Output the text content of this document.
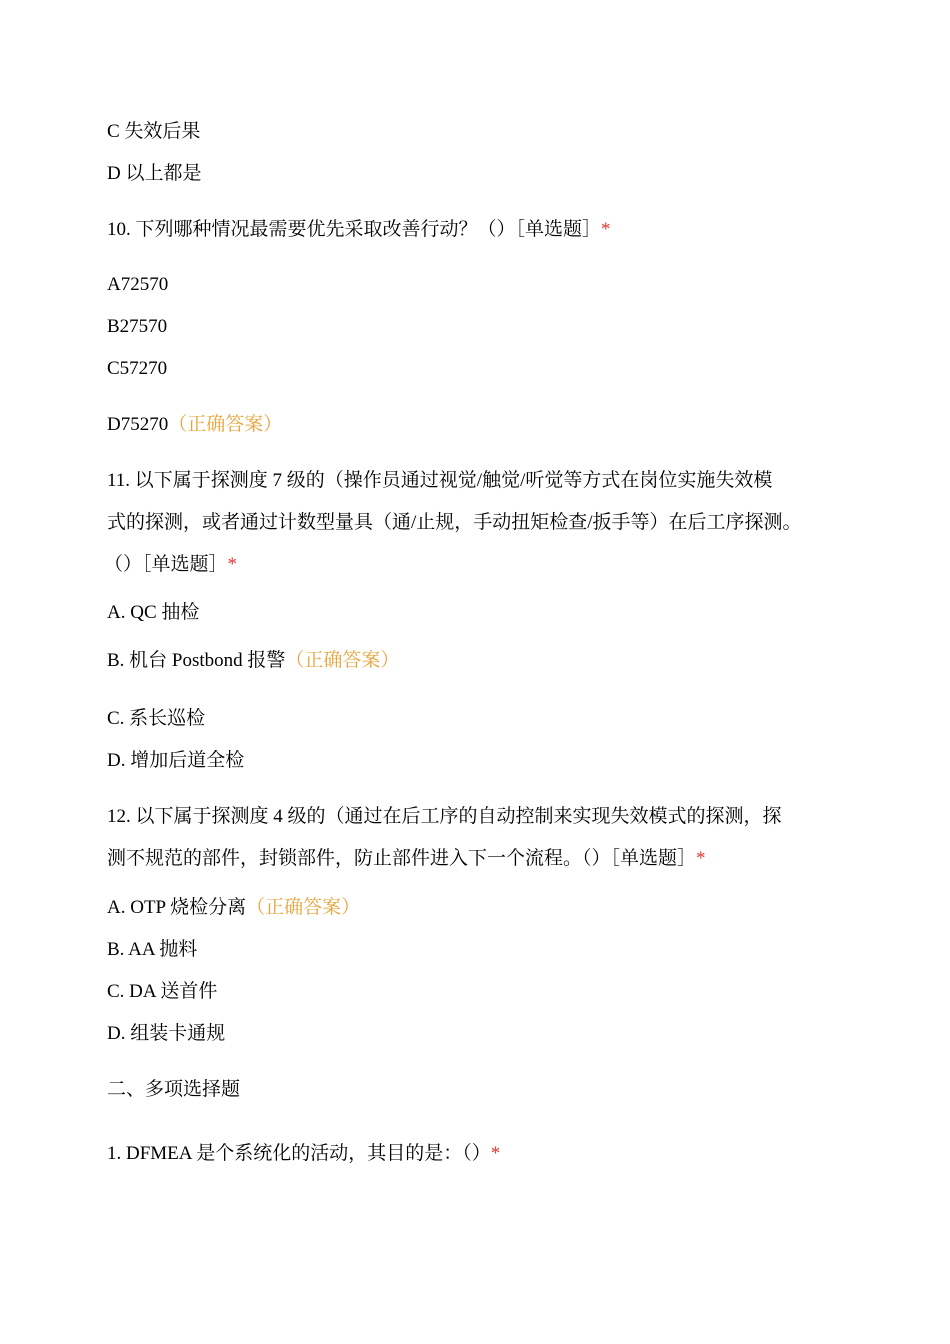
C 失效后果
D 以上都是
10. 下列哪种情况最需要优先采取改善行动？（）［单选题］*
A72570
B27570
C57270
D75270（正确答案）
11. 以下属于探测度 7 级的（操作员通过视觉/触觉/听觉等方式在岗位实施失效模
式的探测，或者通过计数型量具（通/止规，手动扭矩检查/扳手等）在后工序探测。
（）［单选题］*
A. QC 抽检
B. 机台 Postbond 报警（正确答案）
C. 系长巡检
D. 增加后道全检
12. 以下属于探测度 4 级的（通过在后工序的自动控制来实现失效模式的探测，探
测不规范的部件，封锁部件，防止部件进入下一个流程。（）［单选题］*
A. OTP 烧检分离（正确答案）
B. AA 抛料
C. DA 送首件
D. 组装卡通规
二、多项选择题
1. DFMEA 是个系统化的活动，其目的是：（）*
